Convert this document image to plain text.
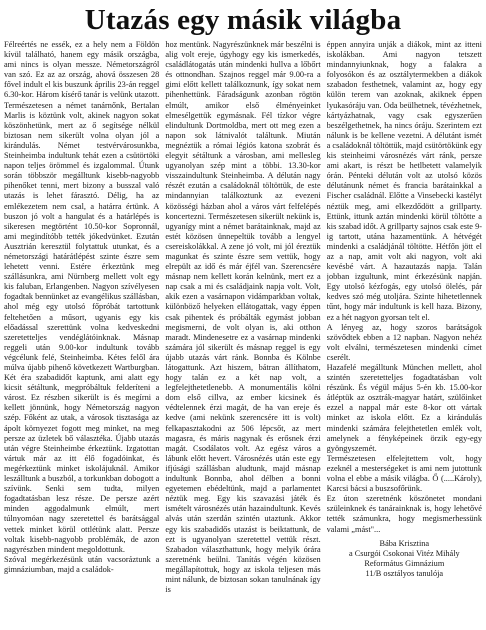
Utazás egy másik világba

Félreértés ne essék, ez a hely nem a Földön kívül található, hanem egy másik országba, ami nincs is olyan messze. Németországról van szó. Ez az az ország, ahová összesen 28 fővel indult el kis buszunk április 23-án reggel 6.30-kor. Három kísérő tanár is velünk utazott. Természetesen a német tanárnőnk, Bertalan Marlis is köztünk volt, akinek nagyon sokat köszönhetünk, mert az ő segítsége nélkül biztosan nem sikerült volna olyan jól a kirándulás. Német testvérvárosunkba, Steinheimba indultunk tehát ezen a csütörtöki napon teljes örömmel és izgalommal. Útunk során többször megálltunk kisebb-nagyobb pihenőket tenni, mert bizony a busszal való utazás is lehet fárasztó. Délig, ha az emlékezetem nem csal, a határra értünk. A buszon jó volt a hangulat és a határlépés is sikeresen megtörtént 10.50-kor Sopronnál, ami megindítóbb tették jókedvünket. Ezután Ausztrián keresztül folytattuk utunkat, és a németországi határátlépést szinte észre sem lehetett venni. Estére érkeztünk meg szállásunkra, ami Nürnberg mellett volt egy kis faluban, Erlangenben. Nagyon szívélyesen fogadtak bennünket az evangélikus szállásban, ahol még egy utolsó főpróbát tartottunk feltehetően a műsort, ugyanis egy kis előadással szerettünk volna kedveskedni szeretetteljes vendéglátóinknak. Másnap reggeli után 9.00-kor indultunk tovább végcélunk felé, Steinheimba. Kétes felől ára múlva újabb pihenő következett Wartburgban. Két éra szabadidőt kaptunk, ami alatt egy kicsit sétáltunk, megpróbáltuk felderíteni a várost. Ez részben sikerült is és megírni a kellett jönnünk, hogy Németország nagyon szép. Főként az utak, a városok tisztasága az ápolt környezet fogott meg minket, na meg persze az üzletek bő választéka. Újabb utazás után végre Steinheimbe érkeztünk. Izgatottan vártuk már az itt élő fogadóinkat, és megérkeztünk minket iskolájuknál. Amikor leszálltunk a buszból, a torkunkban dobogott a szívünk. Senki sem tudta, milyen fogadtatásban lesz része. De persze azért minden aggodalmunk elmúlt, mert túlnyomóan nagy szeretettel és barátsággal vettek minket körül ottlétünk alatt. Persze voltak kisebb-nagyobb problémák, de azon nagyrészben mindent megoldottunk.

Szóval megérkezésünk után vacsoráztunk a gimnáziumban, majd a családok-

hoz mentünk. Nagyrészünknek már beszélni is alig volt ereje, úgyhogy egy kis ismerkedés, családlátogatás után mindenki hullva a lőbőrt és ottnondhan. Szajnos reggel már 9.00-ra a gimi előtt kellett találkoznunk, így sokat nem pihenhettünk. Fáradságunk azonban rögtön elmúlt, amikor első élményeinket elmesélgettük egymásnak. Fél tízkor végre elindultunk Dortmoldba, mert ott meg ezen a napon sok látnivalót találtunk. Miután megnéztük a római légiós katona szobrát és elegyit sétáltunk a városban, ami mellesleg ugyanolyan szép mint a többi. 13.30-kor visszaindultunk Steinheimba. A délután nagy részét ezután a családoknál töltöttük, de este mindannyian találkoztunk az evezeni közösségi házban ahol a város várt felfelépés koncertezni. Természetesen sikerült nekünk is, ugyanígy mint a német barátainknak, majd az estét közösen ünnepeltük tovább a lengyel csereiskolákkal. A zene jó volt, mi jól éreztük magunkat és szinte észre sem vettük, hogy elrepült az idő és már éjfél van. Szerencsére másnap nem kellett korán kelnünk, mert ez a nap csak a mi és családjaink napja volt. Volt, akik ezen a vasárnapon vidámparkban voltak, különböző helyeken ellátogattak, vagy éppen csak pihentek és próbálták egymást jobban megismerni, de volt olyan is, aki otthon maradt. Mindenesetre ez a vasárnap mindenki számára jól sikerült és másnap reggel is egy újabb utazás várt ránk. Bonnba és Kölnbe látogattunk. Azt hiszem, bátran állíthatom, hogy talán ez a két nap volt, a legfelejthetetlenebb. A monumentális kölni dom első cillva, az ember kicsinek és védtelennek érzi magát, de ha van ereje és kedve (ami nekünk szerencsére itt is volt) felkapasztakodni az 506 lépcsőt, az mert magasra, és máris nagynak és erősnek érzi magát. Csodálatos volt. Az egész város a lábunk előtt hevert. Városnézés után este egy ifjúsági szállásban aludtunk, majd másnap indultunk Bonnba, ahol délben a bonni egyetemen ebédeltünk, majd a parlamentet néztük meg. Egy kis szavazási játék és ismételt városnézés után hazaindultunk. Kevés alvás után szerdán szintén utaztunk. Akkor egy kis szabadidős utazást is beiktattunk, de ezt is ugyanolyan szeretettel vettük részt. Szabadon választhattunk, hogy melyik órára szeretnénk beülni. Tanítás végén közösen megállapítottuk, hogy az iskola teljesen más mint nálunk, de biztosan sokan tanulnának így is

éppen annyira unják a diákok, mint az itteni iskolákban. Ami nagyon tetszett mindannyiunknak, hogy a falakra a folyosókon és az osztálytermekben a diákok szabadon festhetnek, valamint az, hogy egy külön terem van azoknak, akiknek éppen lyukasóráju van. Oda beülhetnek, tévézhetnek, kártyázhatnak, vagy csak egyszerűen beszélgethetnek, ha nincs óráju. Szerintem ezt nálunk is be kellene vezetni. A délutánt ismét a családoknál töltöttük, majd csütörtökünk egy kis steinheimi városnézés várt ránk, persze ami akart, is részt be hetlbetett valamelyik órán. Pénteki délután volt az utolsó közös délutánunk német és francia barátainkkal a Fischer családnál. Előtte a Vinsebecki kastélyt néztük meg, ami elkezdődött a grillparty. Ettünk, ittunk aztán mindenki körül töltötte a kis szabad időt. A grillparty sajnos csak este 9-ig tartott, utána hazamentünk. A hétvégét mindenki a családjánál töltötte. Hétfőn jött el az a nap, amit volt aki nagyon, volt aki kevésbé várt. A hazautazás napja. Talán jobban izgultunk, mint érkezésünk napján. Egy utolsó kézfogás, egy utolsó ölelés, pár kedves szó még utoljára. Szinte hihetetlennek tűnt, hogy már indultunk is kell haza. Bizony, ez a hét nagyon gyorsan telt el.

A lényeg az, hogy szoros barátságok szövődtek ebben a 12 napban. Nagyon nehéz volt elválni, természetesen mindenki címet cserélt.

Hazafelé megálltunk München mellett, ahol szintén szeretetteljes fogadtatásban volt részünk. És végül május 5-én kb. 15.00-kor átléptük az osztrák-magyar határt, szülőinket ezzel a nappal már este 8-kor ott vártak minket az iskola előtt. Ez a kirándulás mindenki számára felejthetetlen emlék volt, amelynek a fényképeinek örzik egy-egy gyöngyszemét.

Természetesen elfelejtettem volt, hogy ezeknél a mesterségeket is ami nem jutottunk volna el ebbe a másik világba. Ő (.....Károly), Karcsi bácsi a buszsofőrünk.

Ez úton szeretnénk köszönetet mondani szüleinknek és tanárainknak is, hogy lehetővé tették számunkra, hogy megismerhessünk valami „mást"...

Bába Krisztina
a Csurgói Csokonai Vitéz Mihály
Református Gimnázium
11/B osztályos tanulója
